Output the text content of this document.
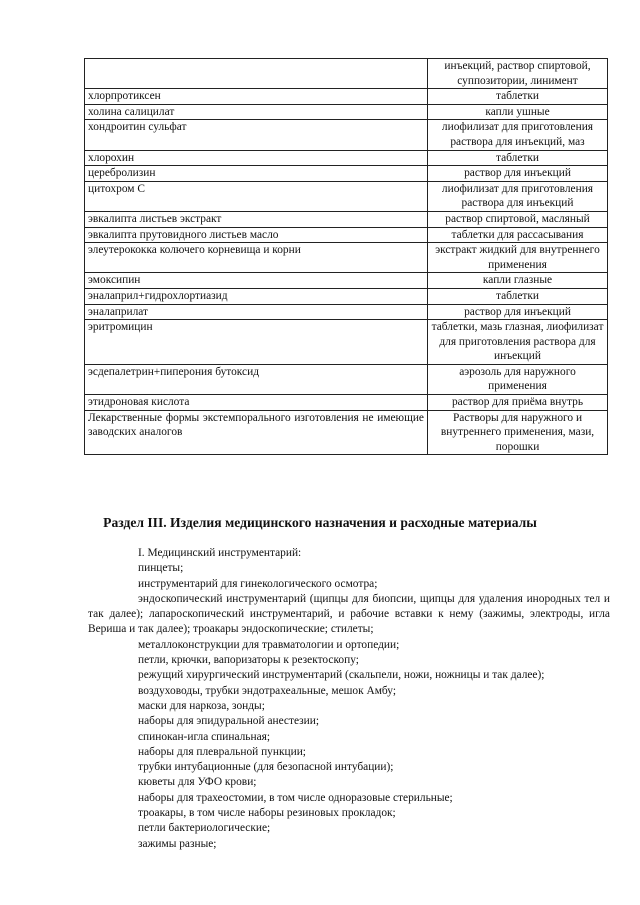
	инъекций, раствор спиртовой, суппозитории, линимент
хлорпротиксен	таблетки
холина салицилат	капли ушные
хондроитин сульфат	лиофилизат для приготовления раствора для инъекций, маз
хлорохин	таблетки
церебролизин	раствор для инъекций
цитохром С	лиофилизат для приготовления раствора для инъекций
эвкалипта листьев экстракт	раствор спиртовой, масляный
эвкалипта прутовидного листьев масло	таблетки для рассасывания
элеутерококка колючего корневища и корни	экстракт жидкий для внутреннего применения
эмоксипин	капли глазные
эналаприл+гидрохлортиазид	таблетки
эналаприлат	раствор для инъекций
эритромицин	таблетки, мазь глазная, лиофилизат для приготовления раствора для инъекций
эсдепалетрин+пиперония бутоксид	аэрозоль для наружного применения
этидроновая кислота	раствор для приёма внутрь
Лекарственные формы экстемпорального изготовления не имеющие заводских аналогов	Растворы для наружного и внутреннего применения, мази, порошки
Раздел III. Изделия медицинского назначения и расходные материалы

I. Медицинский инструментарий:

пинцеты;

инструментарий для гинекологического осмотра;

эндоскопический инструментарий (щипцы для биопсии, щипцы для удаления инородных тел и так далее); лапароскопический инструментарий, и рабочие вставки к нему (зажимы, электроды, игла Вериша и так далее); троакары эндоскопические; стилеты;

металлоконструкции для травматологии и ортопедии;

петли, крючки, вапоризаторы к резектоскопу;

режущий хирургический инструментарий (скальпели, ножи, ножницы и так далее);

воздуховоды, трубки эндотрахеальные, мешок Амбу;

маски для наркоза, зонды;

наборы для эпидуральной анестезии;

спинокан-игла спинальная;

наборы для плевральной пункции;

трубки интубационные (для безопасной интубации);

кюветы для УФО крови;

наборы для трахеостомии, в том числе одноразовые стерильные;

троакары, в том числе наборы резиновых прокладок;

петли бактериологические;

зажимы разные;
